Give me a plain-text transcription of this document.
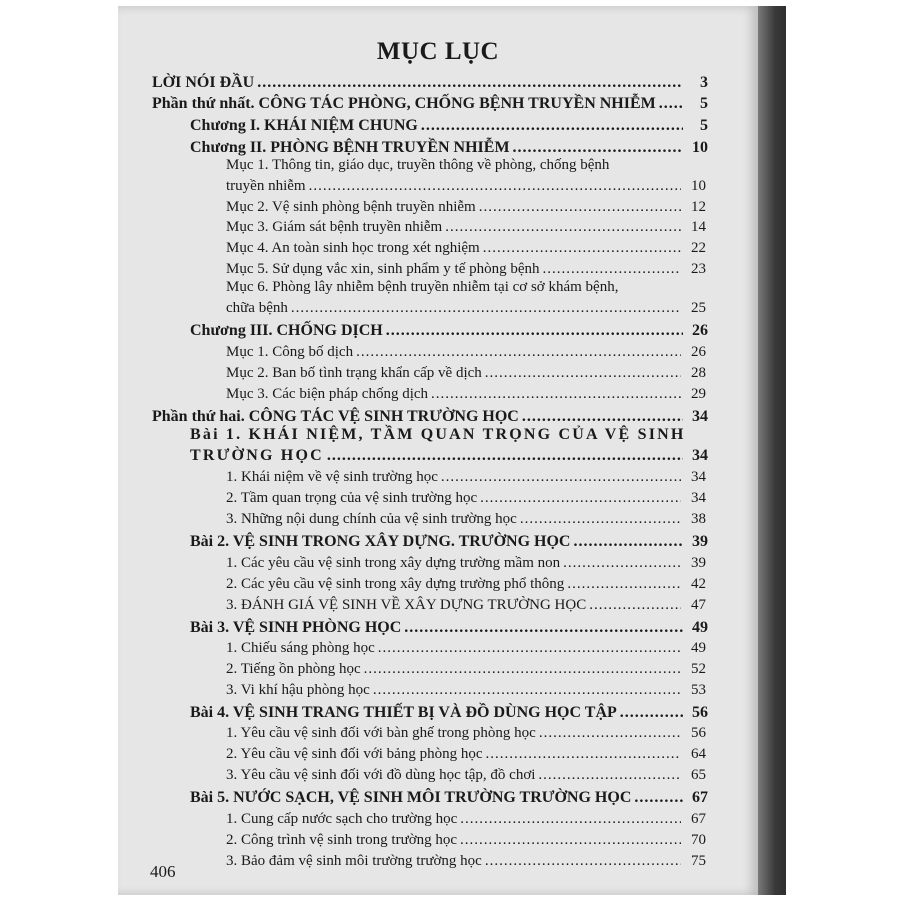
MỤC LỤC
LỜI NÓI ĐẦU .....	3
Phần thứ nhất. CÔNG TÁC PHÒNG, CHỐNG BỆNH TRUYỀN NHIỄM .....	5
Chương I. KHÁI NIỆM CHUNG .....	5
Chương II. PHÒNG BỆNH TRUYỀN NHIỄM .....	10
Mục 1. Thông tin, giáo dục, truyền thông về phòng, chống bệnh
truyền nhiễm .....	10
Mục 2. Vệ sinh phòng bệnh truyền nhiễm .....	12
Mục 3. Giám sát bệnh truyền nhiễm .....	14
Mục 4. An toàn sinh học trong xét nghiệm .....	22
Mục 5. Sử dụng vắc xin, sinh phẩm y tế phòng bệnh .....	23
Mục 6. Phòng lây nhiễm bệnh truyền nhiễm tại cơ sở khám bệnh,
chữa bệnh .....	25
Chương III. CHỐNG DỊCH .....	26
Mục 1. Công bố dịch .....	26
Mục 2. Ban bố tình trạng khẩn cấp về dịch .....	28
Mục 3. Các biện pháp chống dịch .....	29
Phần thứ hai. CÔNG TÁC VỆ SINH TRƯỜNG HỌC .....	34
Bài 1. KHÁI NIỆM, TẦM QUAN TRỌNG CỦA VỆ SINH
TRƯỜNG HỌC .....	34
1. Khái niệm về vệ sinh trường học .....	34
2. Tầm quan trọng của vệ sinh trường học .....	34
3. Những nội dung chính của vệ sinh trường học .....	38
Bài 2. VỆ SINH TRONG XÂY DỰNG. TRƯỜNG HỌC .....	39
1. Các yêu cầu vệ sinh trong xây dựng trường mầm non .....	39
2. Các yêu cầu vệ sinh trong xây dựng trường phổ thông .....	42
3. ĐÁNH GIÁ VỆ SINH VỀ XÂY DỰNG TRƯỜNG HỌC .....	47
Bài 3. VỆ SINH PHÒNG HỌC .....	49
1. Chiếu sáng phòng học .....	49
2. Tiếng ồn phòng học .....	52
3. Vi khí hậu phòng học .....	53
Bài 4. VỆ SINH TRANG THIẾT BỊ VÀ ĐỒ DÙNG HỌC TẬP .....	56
1. Yêu cầu vệ sinh đối với bàn ghế trong phòng học .....	56
2. Yêu cầu vệ sinh đối với bảng phòng học .....	64
3. Yêu cầu vệ sinh đối với đồ dùng học tập, đồ chơi .....	65
Bài 5. NƯỚC SẠCH, VỆ SINH MÔI TRƯỜNG TRƯỜNG HỌC .....	67
1. Cung cấp nước sạch cho trường học .....	67
2. Công trình vệ sinh trong trường học .....	70
3. Bảo đảm vệ sinh môi trường trường học .....	75
406
